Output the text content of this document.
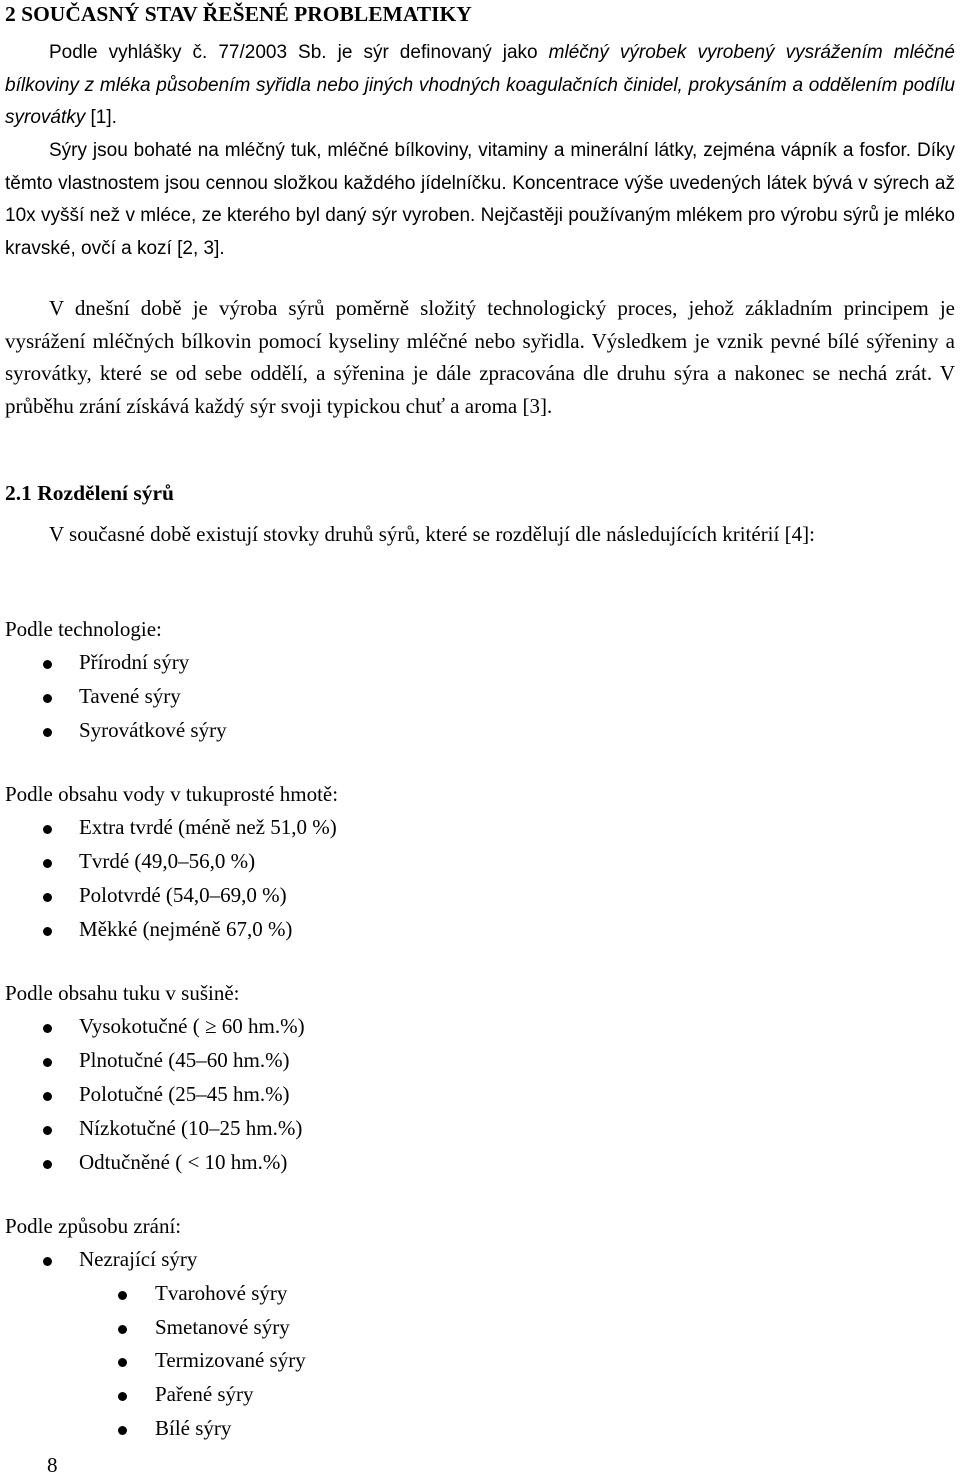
2 SOUČASNÝ STAV ŘEŠENÉ PROBLEMATIKY

Podle vyhlášky č. 77/2003 Sb. je sýr definovaný jako mléčný výrobek vyrobený vysrážením mléčné bílkoviny z mléka působením syřidla nebo jiných vhodných koagulačních činidel, prokysáním a oddělením podílu syrovátky [1].

Sýry jsou bohaté na mléčný tuk, mléčné bílkoviny, vitaminy a minerální látky, zejména vápník a fosfor. Díky těmto vlastnostem jsou cennou složkou každého jídelníčku. Koncentrace výše uvedených látek bývá v sýrech až 10x vyšší než v mléce, ze kterého byl daný sýr vyroben. Nejčastěji používaným mlékem pro výrobu sýrů je mléko kravské, ovčí a kozí [2, 3].

V dnešní době je výroba sýrů poměrně složitý technologický proces, jehož základním principem je vysrážení mléčných bílkovin pomocí kyseliny mléčné nebo syřidla. Výsledkem je vznik pevné bílé sýřeniny a syrovátky, které se od sebe oddělí, a sýřenina je dále zpracována dle druhu sýra a nakonec se nechá zrát. V průběhu zrání získává každý sýr svoji typickou chuť a aroma [3].

2.1 Rozdělení sýrů

V současné době existují stovky druhů sýrů, které se rozdělují dle následujících kritérií [4]:

Podle technologie:
Přírodní sýry
Tavené sýry
Syrovátkové sýry
Podle obsahu vody v tukuprosté hmotě:
Extra tvrdé (méně než 51,0 %)
Tvrdé (49,0–56,0 %)
Polotvrdé (54,0–69,0 %)
Měkké (nejméně 67,0 %)
Podle obsahu tuku v sušině:
Vysokotučné ( ≥ 60 hm.%)
Plnotučné (45–60 hm.%)
Polotučné (25–45 hm.%)
Nízkotučné (10–25 hm.%)
Odtučněné ( < 10 hm.%)
Podle způsobu zrání:
Nezrající sýry
Tvarohové sýry
Smetanové sýry
Termizované sýry
Pařené sýry
Bílé sýry
8
